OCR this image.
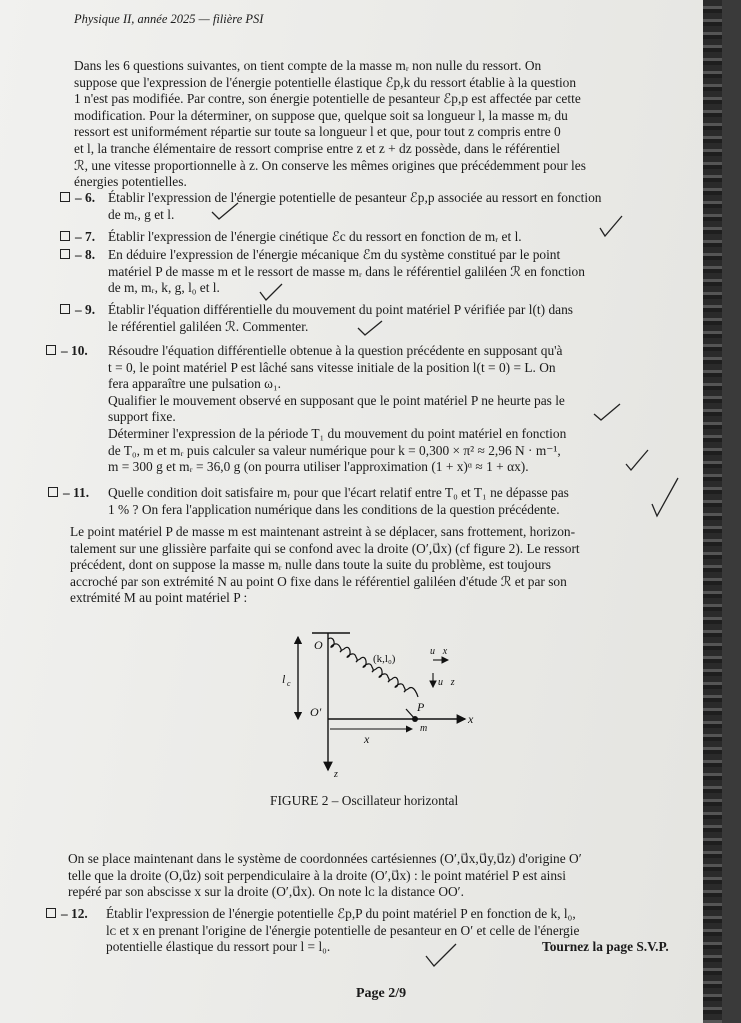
Physique II, année 2025 — filière PSI
Dans les 6 questions suivantes, on tient compte de la masse mᵣ non nulle du ressort. On
suppose que l'expression de l'énergie potentielle élastique ℰp,k du ressort établie à la question
1 n'est pas modifiée. Par contre, son énergie potentielle de pesanteur ℰp,p est affectée par cette
modification. Pour la déterminer, on suppose que, quelque soit sa longueur l, la masse mᵣ du
ressort est uniformément répartie sur toute sa longueur l et que, pour tout z compris entre 0
et l, la tranche élémentaire de ressort comprise entre z et z + dz possède, dans le référentiel
ℛ, une vitesse proportionnelle à z. On conserve les mêmes origines que précédemment pour les
énergies potentielles.
– 6. Établir l'expression de l'énergie potentielle de pesanteur ℰp,p associée au ressort en fonction
de mᵣ, g et l.
– 7. Établir l'expression de l'énergie cinétique ℰc du ressort en fonction de mᵣ et l.
– 8. En déduire l'expression de l'énergie mécanique ℰm du système constitué par le point
matériel P de masse m et le ressort de masse mᵣ dans le référentiel galiléen ℛ en fonction
de m, mᵣ, k, g, l₀ et l.
– 9. Établir l'équation différentielle du mouvement du point matériel P vérifiée par l(t) dans
le référentiel galiléen ℛ. Commenter.
– 10. Résoudre l'équation différentielle obtenue à la question précédente en supposant qu'à
t = 0, le point matériel P est lâché sans vitesse initiale de la position l(t = 0) = L. On
fera apparaître une pulsation ω₁.
Qualifier le mouvement observé en supposant que le point matériel P ne heurte pas le
support fixe.
Déterminer l'expression de la période T₁ du mouvement du point matériel en fonction
de T₀, m et mᵣ puis calculer sa valeur numérique pour k = 0,300 × π² ≈ 2,96 N · m⁻¹,
m = 300 g et mᵣ = 36,0 g (on pourra utiliser l'approximation (1 + x)ᵅ ≈ 1 + αx).
– 11. Quelle condition doit satisfaire mᵣ pour que l'écart relatif entre T₀ et T₁ ne dépasse pas
1 % ? On fera l'application numérique dans les conditions de la question précédente.
Le point matériel P de masse m est maintenant astreint à se déplacer, sans frottement, horizon-
talement sur une glissière parfaite qui se confond avec la droite (O′,u⃗x) (cf figure 2). Le ressort
précédent, dont on suppose la masse mᵣ nulle dans toute la suite du problème, est toujours
accroché par son extrémité N au point O fixe dans le référentiel galiléen d'étude ℛ et par son
extrémité M au point matériel P :
O
O′	P
m
l c
x
x
z
(k,l₀)
u⃗x
u⃗z
FIGURE 2 – Oscillateur horizontal
On se place maintenant dans le système de coordonnées cartésiennes (O′,u⃗x,u⃗y,u⃗z) d'origine O′
telle que la droite (O,u⃗z) soit perpendiculaire à la droite (O′,u⃗x) : le point matériel P est ainsi
repéré par son abscisse x sur la droite (O′,u⃗x). On note lᴄ la distance OO′.
– 12. Établir l'expression de l'énergie potentielle ℰp,P du point matériel P en fonction de k, l₀,
lᴄ et x en prenant l'origine de l'énergie potentielle de pesanteur en O′ et celle de l'énergie
potentielle élastique du ressort pour l = l₀.	Tournez la page S.V.P.
Page 2/9
